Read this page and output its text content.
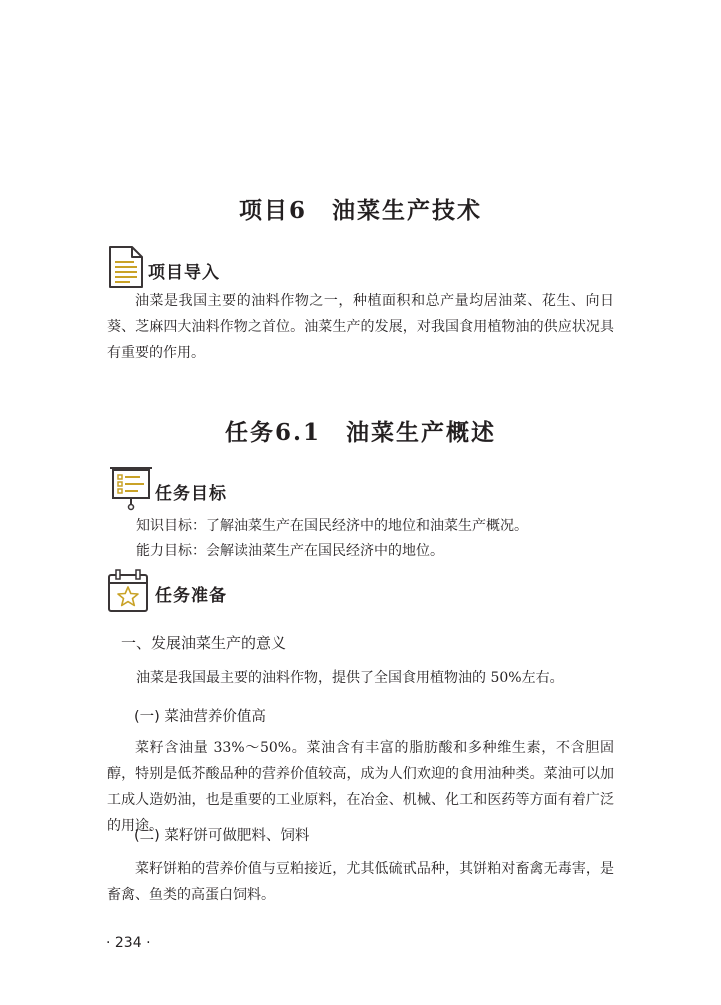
项目6　油菜生产技术
项目导入
油菜是我国主要的油料作物之一，种植面积和总产量均居油菜、花生、向日葵、芝麻四大油料作物之首位。油菜生产的发展，对我国食用植物油的供应状况具有重要的作用。
任务6.1　油菜生产概述
任务目标
知识目标：了解油菜生产在国民经济中的地位和油菜生产概况。
能力目标：会解读油菜生产在国民经济中的地位。
任务准备
一、发展油菜生产的意义
油菜是我国最主要的油料作物，提供了全国食用植物油的 50%左右。
(一) 菜油营养价值高
菜籽含油量 33%～50%。菜油含有丰富的脂肪酸和多种维生素，不含胆固醇，特别是低芥酸品种的营养价值较高，成为人们欢迎的食用油种类。菜油可以加工成人造奶油，也是重要的工业原料，在冶金、机械、化工和医药等方面有着广泛的用途。
(二) 菜籽饼可做肥料、饲料
菜籽饼粕的营养价值与豆粕接近，尤其低硫甙品种，其饼粕对畜禽无毒害，是畜禽、鱼类的高蛋白饲料。
· 234 ·
